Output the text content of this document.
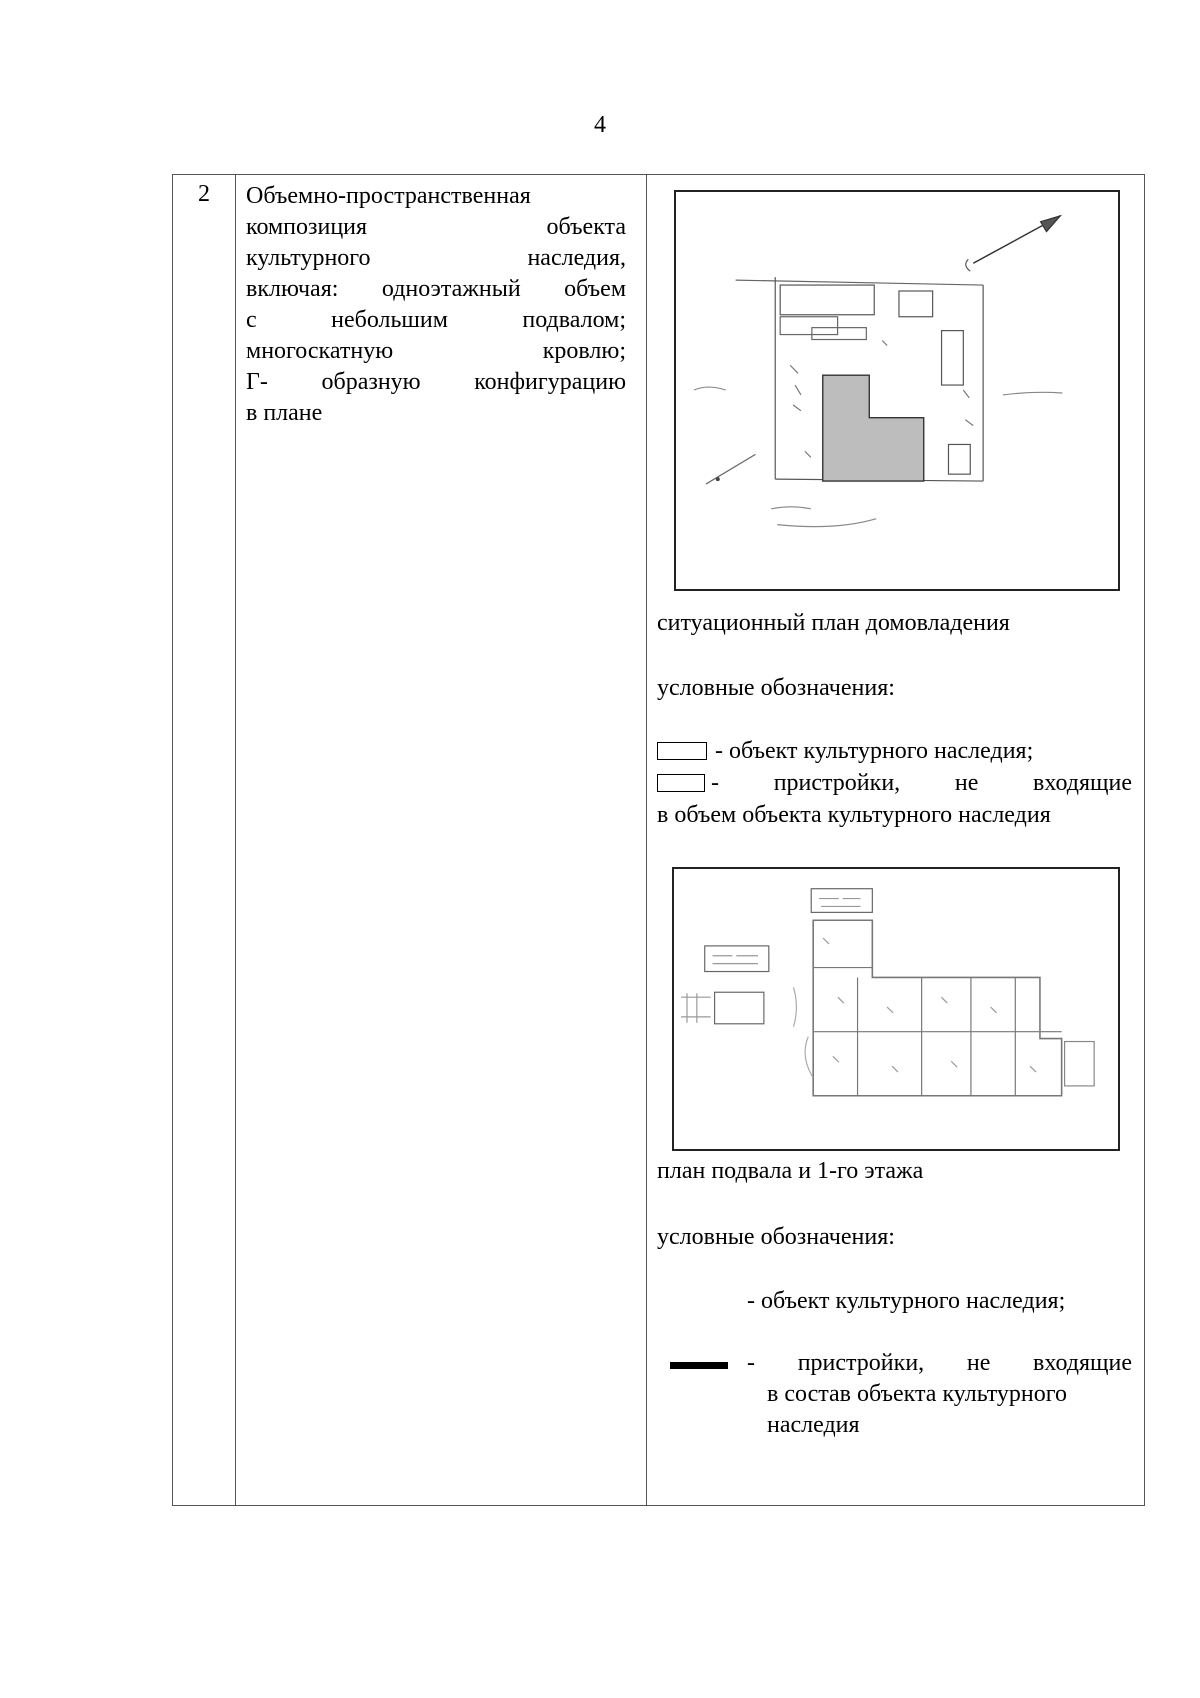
4
2	Объемно-пространственная
композиция объекта
культурного наследия,
включая: одноэтажный объем
с небольшим подвалом;
многоскатную кровлю;
Г- образную конфигурацию
в плане
ситуационный план домовладения
условные обозначения:
- объект культурного наследия;
- пристройки, не входящие
в объем объекта культурного наследия
план подвала и 1-го этажа
условные обозначения:
- объект культурного наследия;
- пристройки, не входящие
в состав объекта культурного
наследия
